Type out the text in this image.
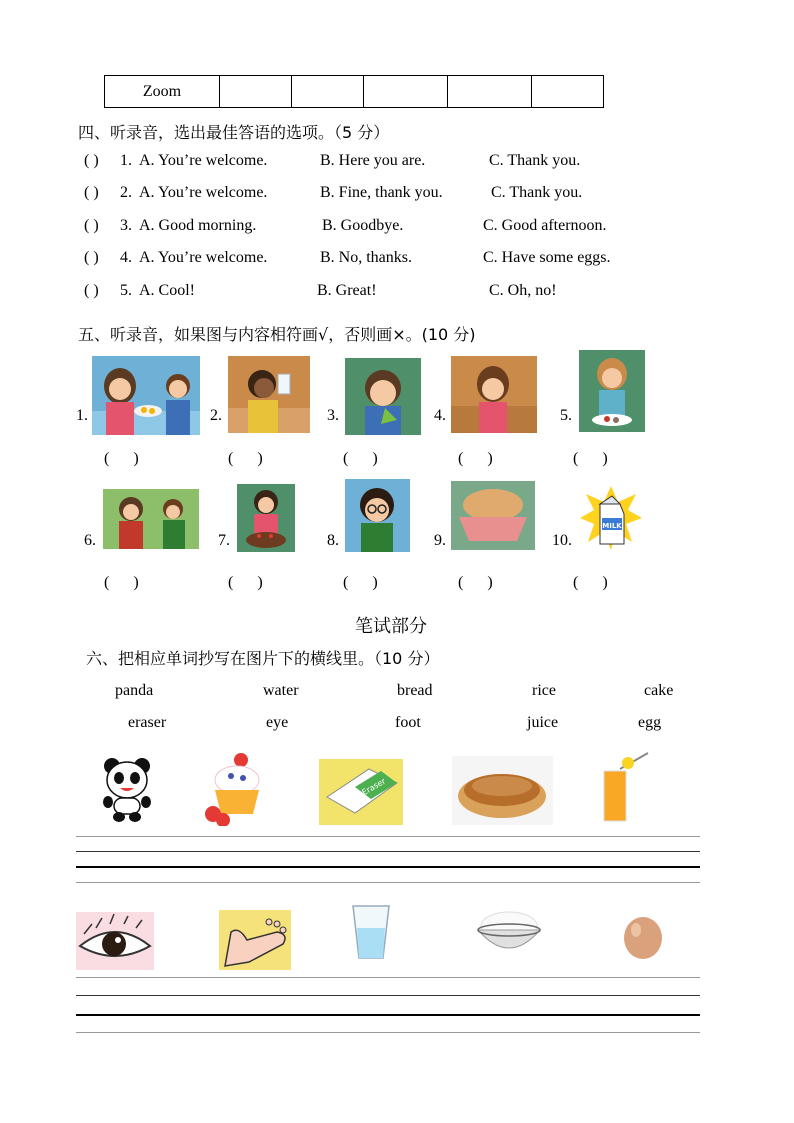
Zoom					
四、听录音，选出最佳答语的选项。（5 分）
( ) 1. A. You’re welcome.	B. Here you are.	C. Thank you.
( ) 2. A. You’re welcome.	B. Fine, thank you.	C. Thank you.
( ) 3. A. Good morning.	B. Goodbye.	C. Good afternoon.
( ) 4. A. You’re welcome.	B. No, thanks.	C. Have some eggs.
( ) 5. A. Cool!	B. Great!	C. Oh, no!
五、听录音，如果图与内容相符画√，否则画×。(10 分)
1.	2.	3.	4.	5.
(      )	(      )	(      )	(      )	(      )
6.	7.	8.	9.	10.
MILK
(      )	(      )	(      )	(      )	(      )
笔试部分
六、把相应单词抄写在图片下的横线里。（10 分）
panda	water	bread	rice	cake
eraser	eye	foot	juice	egg
Eraser
